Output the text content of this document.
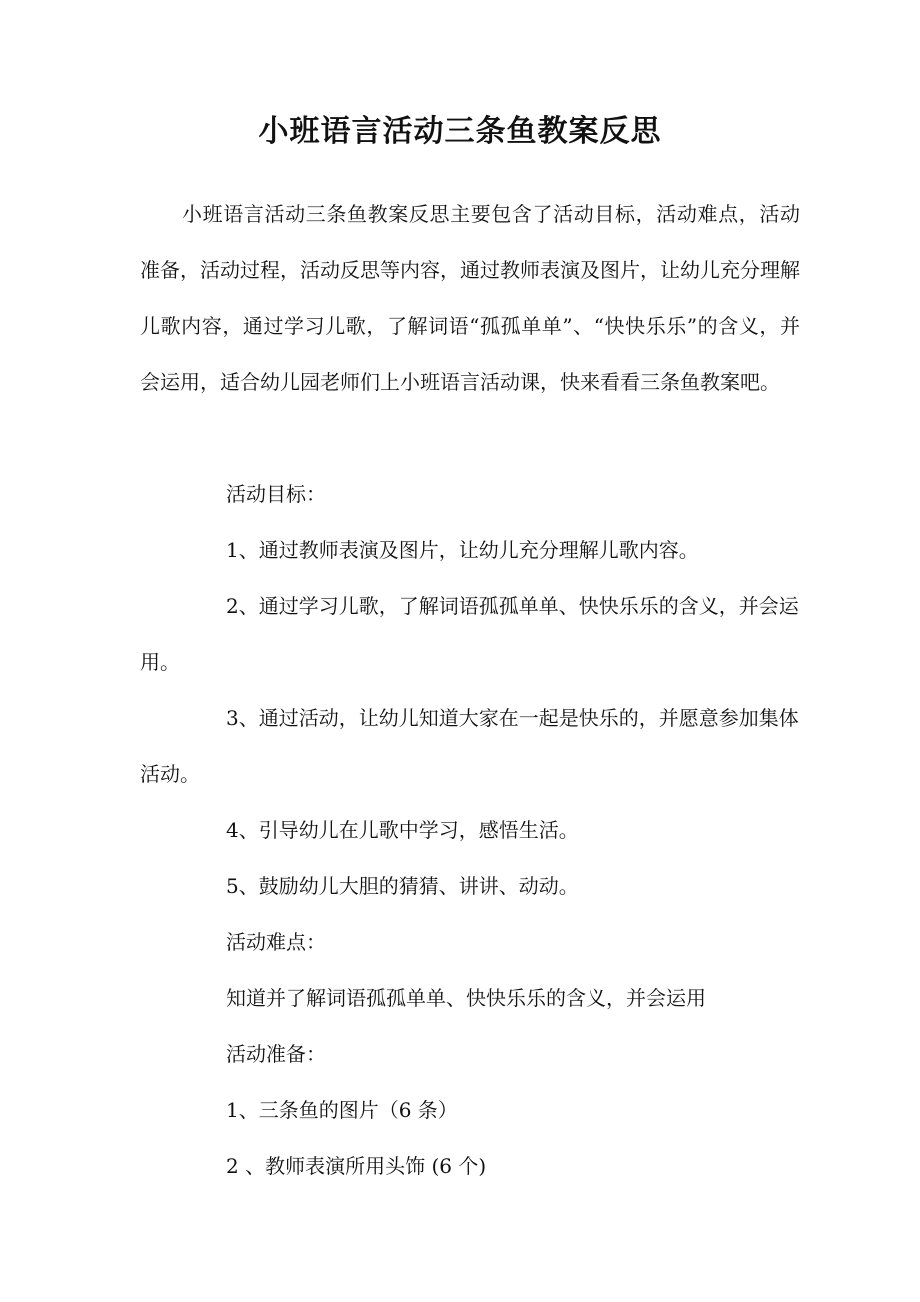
小班语言活动三条鱼教案反思

小班语言活动三条鱼教案反思主要包含了活动目标，活动难点，活动准备，活动过程，活动反思等内容，通过教师表演及图片，让幼儿充分理解儿歌内容，通过学习儿歌，了解词语“孤孤单单”、“快快乐乐”的含义，并会运用，适合幼儿园老师们上小班语言活动课，快来看看三条鱼教案吧。

活动目标：

1、通过教师表演及图片，让幼儿充分理解儿歌内容。

2、通过学习儿歌，了解词语孤孤单单、快快乐乐的含义，并会运用。

3、通过活动，让幼儿知道大家在一起是快乐的，并愿意参加集体活动。

4、引导幼儿在儿歌中学习，感悟生活。

5、鼓励幼儿大胆的猜猜、讲讲、动动。

活动难点：

知道并了解词语孤孤单单、快快乐乐的含义，并会运用

活动准备：

1、三条鱼的图片（6 条）

2 、教师表演所用头饰 (6 个)
